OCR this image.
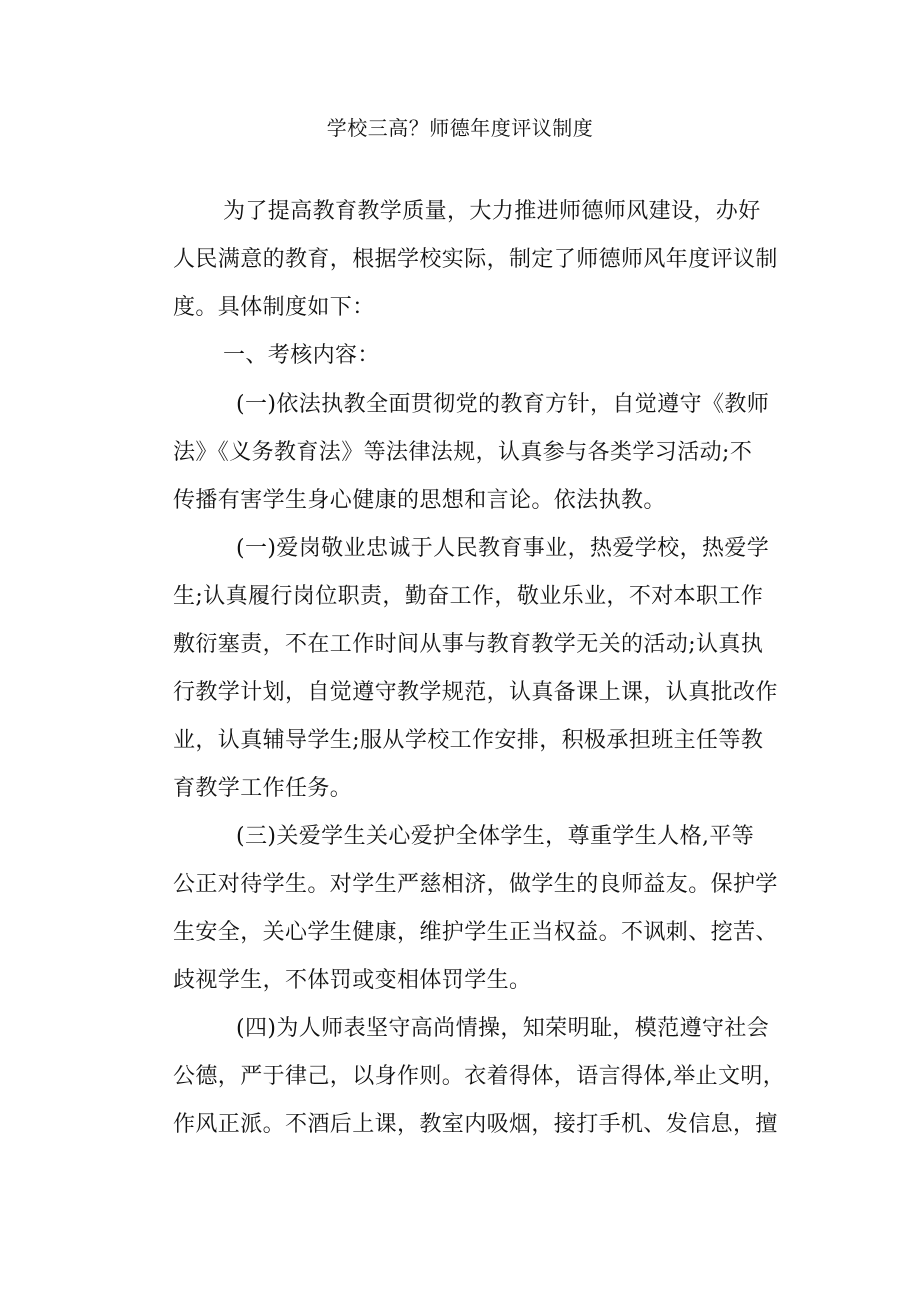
学校三高？师德年度评议制度
为了提高教育教学质量，大力推进师德师风建设，办好
人民满意的教育，根据学校实际，制定了师德师风年度评议制
度。具体制度如下：
一、考核内容：
(一)依法执教全面贯彻党的教育方针，自觉遵守《教师
法》《义务教育法》等法律法规，认真参与各类学习活动;不
传播有害学生身心健康的思想和言论。依法执教。
(一)爱岗敬业忠诚于人民教育事业，热爱学校，热爱学
生;认真履行岗位职责，勤奋工作，敬业乐业，不对本职工作
敷衍塞责，不在工作时间从事与教育教学无关的活动;认真执
行教学计划，自觉遵守教学规范，认真备课上课，认真批改作
业，认真辅导学生;服从学校工作安排，积极承担班主任等教
育教学工作任务。
(三)关爱学生关心爱护全体学生，尊重学生人格,平等
公正对待学生。对学生严慈相济，做学生的良师益友。保护学
生安全，关心学生健康，维护学生正当权益。不讽刺、挖苦、
歧视学生，不体罚或变相体罚学生。
(四)为人师表坚守高尚情操，知荣明耻，模范遵守社会
公德，严于律己，以身作则。衣着得体，语言得体,举止文明，
作风正派。不酒后上课，教室内吸烟，接打手机、发信息，擅
